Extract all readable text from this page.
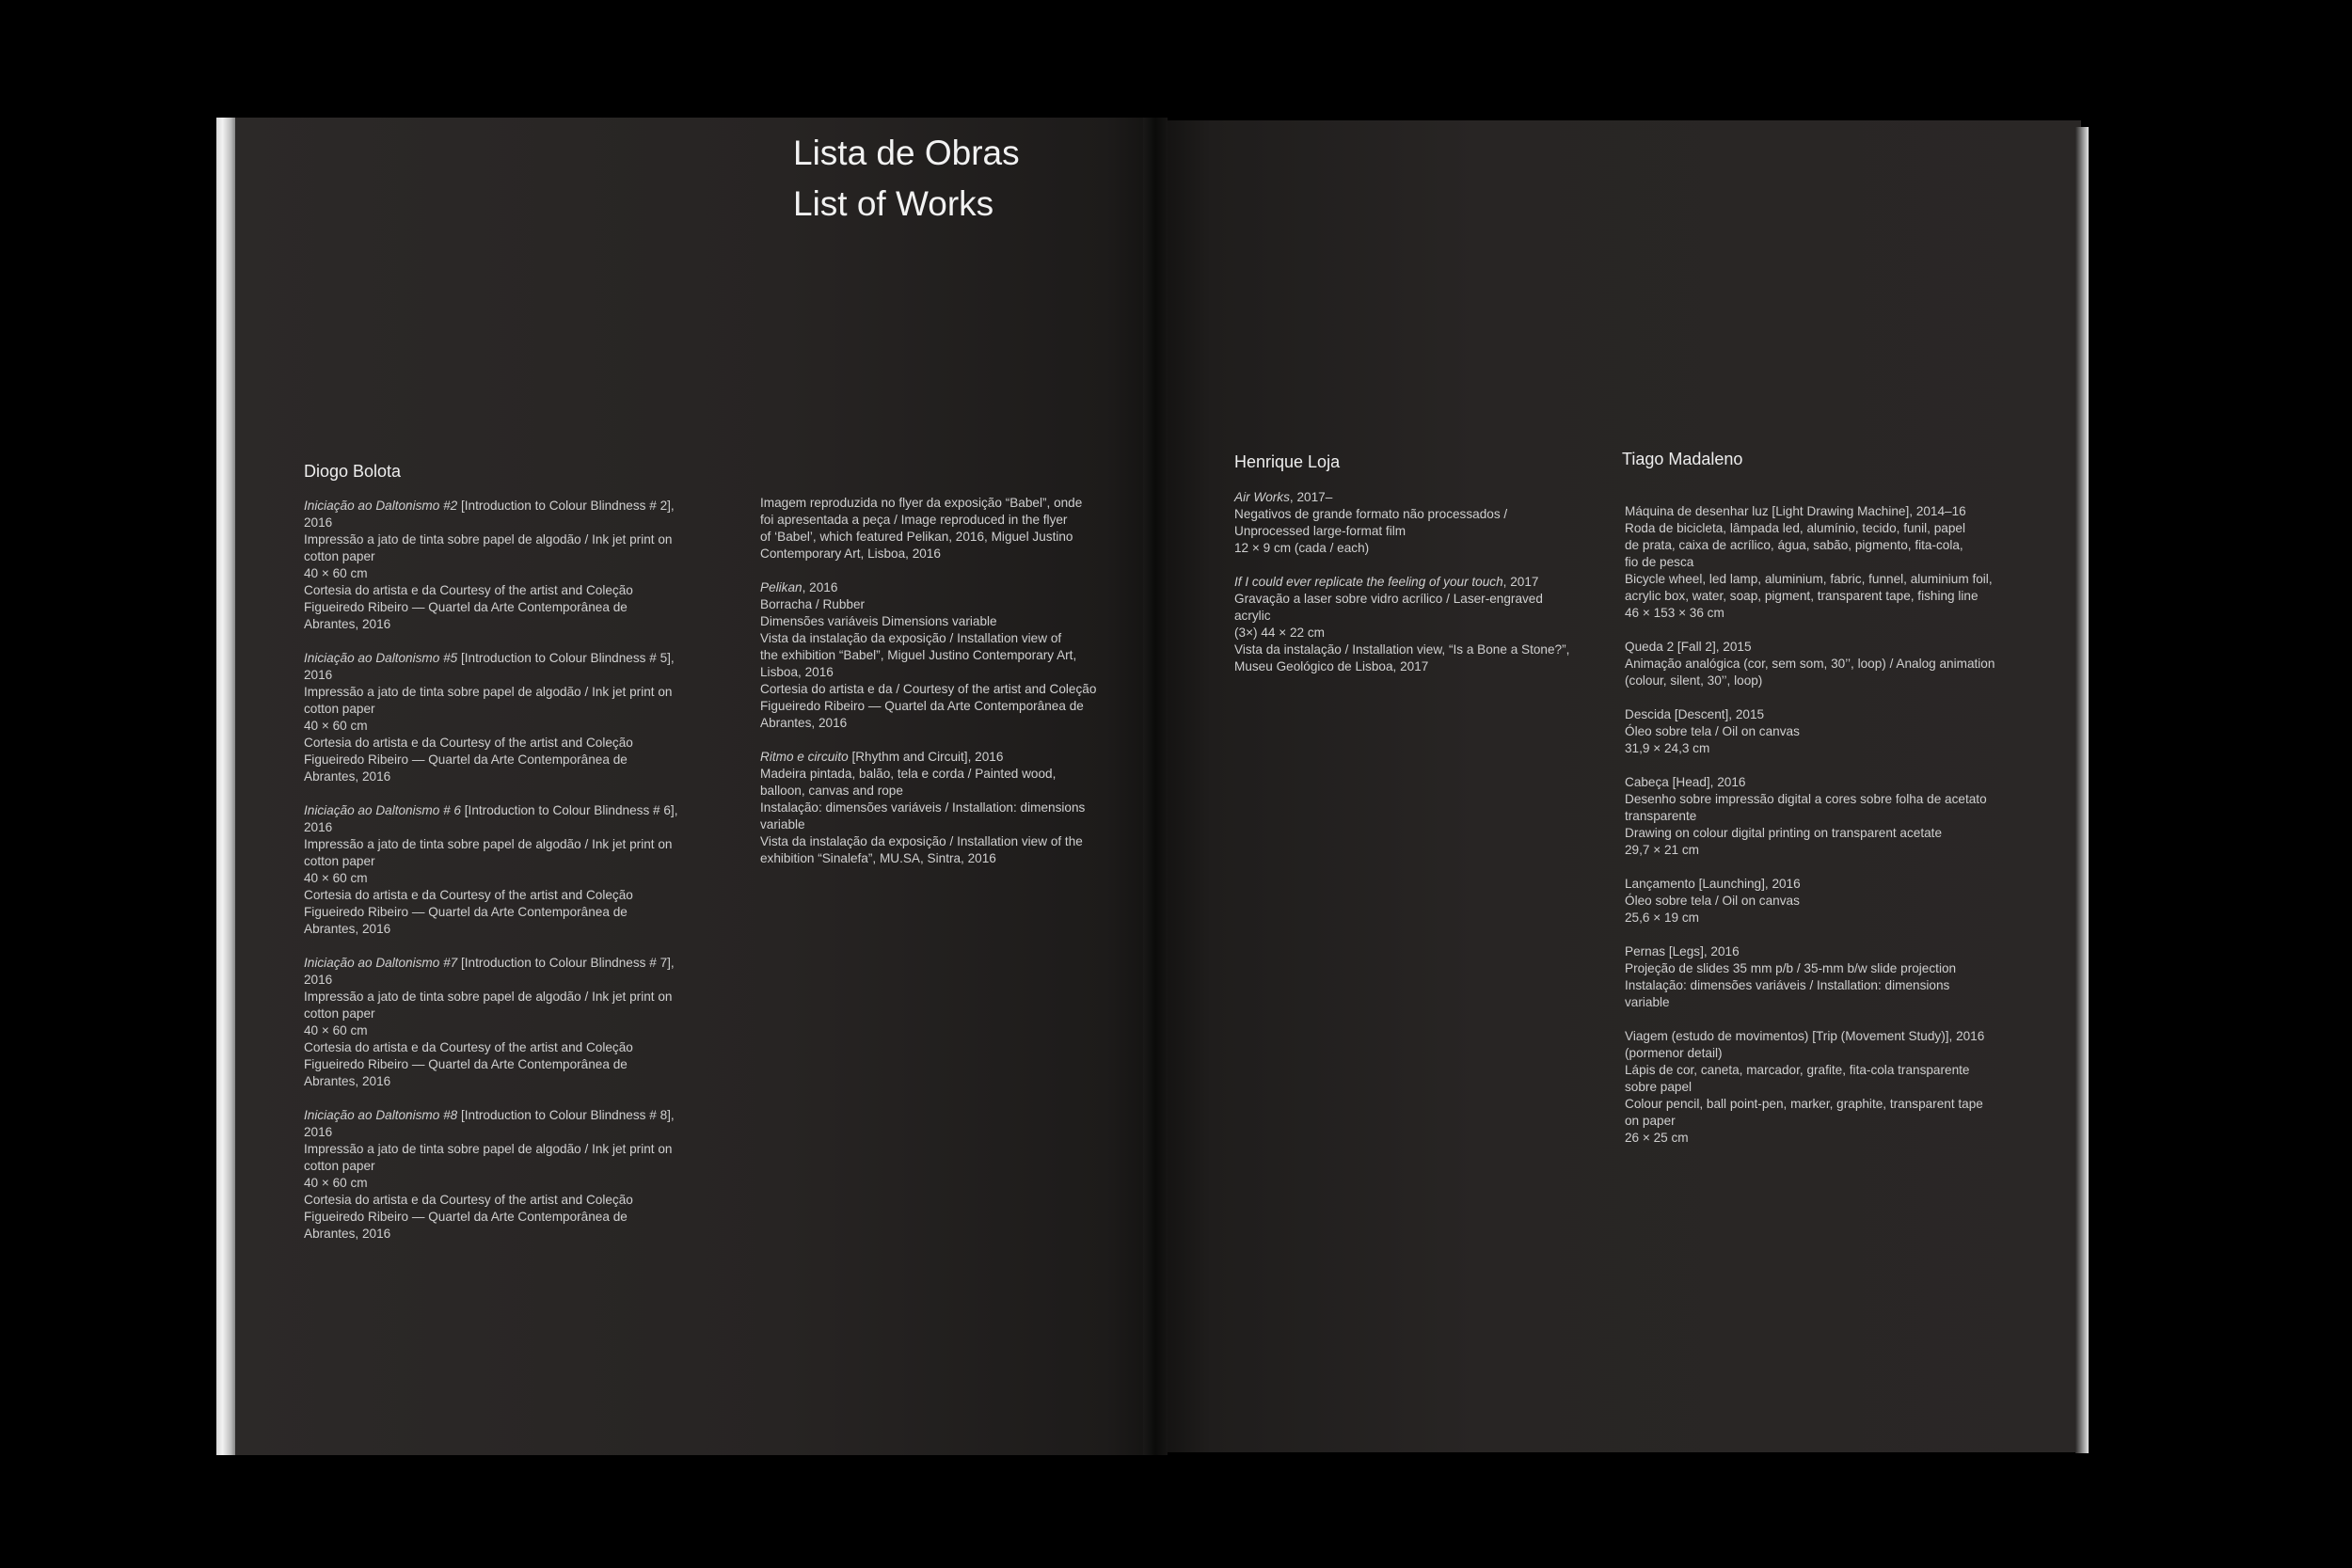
Lista de Obras
List of Works
Diogo Bolota
Iniciação ao Daltonismo #2 [Introduction to Colour Blindness # 2],
2016
Impressão a jato de tinta sobre papel de algodão / Ink jet print on
cotton paper
40 × 60 cm
Cortesia do artista e da Courtesy of the artist and Coleção
Figueiredo Ribeiro — Quartel da Arte Contemporânea de
Abrantes, 2016
Iniciação ao Daltonismo #5 [Introduction to Colour Blindness # 5],
2016
Impressão a jato de tinta sobre papel de algodão / Ink jet print on
cotton paper
40 × 60 cm
Cortesia do artista e da Courtesy of the artist and Coleção
Figueiredo Ribeiro — Quartel da Arte Contemporânea de
Abrantes, 2016
Iniciação ao Daltonismo # 6 [Introduction to Colour Blindness # 6],
2016
Impressão a jato de tinta sobre papel de algodão / Ink jet print on
cotton paper
40 × 60 cm
Cortesia do artista e da Courtesy of the artist and Coleção
Figueiredo Ribeiro — Quartel da Arte Contemporânea de
Abrantes, 2016
Iniciação ao Daltonismo #7 [Introduction to Colour Blindness # 7],
2016
Impressão a jato de tinta sobre papel de algodão / Ink jet print on
cotton paper
40 × 60 cm
Cortesia do artista e da Courtesy of the artist and Coleção
Figueiredo Ribeiro — Quartel da Arte Contemporânea de
Abrantes, 2016
Iniciação ao Daltonismo #8 [Introduction to Colour Blindness # 8],
2016
Impressão a jato de tinta sobre papel de algodão / Ink jet print on
cotton paper
40 × 60 cm
Cortesia do artista e da Courtesy of the artist and Coleção
Figueiredo Ribeiro — Quartel da Arte Contemporânea de
Abrantes, 2016
Imagem reproduzida no flyer da exposição “Babel”, onde
foi apresentada a peça / Image reproduced in the flyer
of ‘Babel’, which featured Pelikan, 2016, Miguel Justino
Contemporary Art, Lisboa, 2016
Pelikan, 2016
Borracha / Rubber
Dimensões variáveis Dimensions variable
Vista da instalação da exposição / Installation view of
the exhibition “Babel”, Miguel Justino Contemporary Art,
Lisboa, 2016
Cortesia do artista e da / Courtesy of the artist and Coleção
Figueiredo Ribeiro — Quartel da Arte Contemporânea de
Abrantes, 2016
Ritmo e circuito [Rhythm and Circuit], 2016
Madeira pintada, balão, tela e corda / Painted wood,
balloon, canvas and rope
Instalação: dimensões variáveis / Installation: dimensions
variable
Vista da instalação da exposição / Installation view of the
exhibition “Sinalefa”, MU.SA, Sintra, 2016
Henrique Loja
Air Works, 2017–
Negativos de grande formato não processados /
Unprocessed large-format film
12 × 9 cm (cada / each)
If I could ever replicate the feeling of your touch, 2017
Gravação a laser sobre vidro acrílico / Laser-engraved
acrylic
(3×) 44 × 22 cm
Vista da instalação / Installation view, “Is a Bone a Stone?”,
Museu Geológico de Lisboa, 2017
Tiago Madaleno
Máquina de desenhar luz [Light Drawing Machine], 2014–16
Roda de bicicleta, lâmpada led, alumínio, tecido, funil, papel
de prata, caixa de acrílico, água, sabão, pigmento, fita-cola,
fio de pesca
Bicycle wheel, led lamp, aluminium, fabric, funnel, aluminium foil,
acrylic box, water, soap, pigment, transparent tape, fishing line
46 × 153 × 36 cm
Queda 2 [Fall 2], 2015
Animação analógica (cor, sem som, 30’’, loop) / Analog animation
(colour, silent, 30’’, loop)
Descida [Descent], 2015
Óleo sobre tela / Oil on canvas
31,9 × 24,3 cm
Cabeça [Head], 2016
Desenho sobre impressão digital a cores sobre folha de acetato
transparente
Drawing on colour digital printing on transparent acetate
29,7 × 21 cm
Lançamento [Launching], 2016
Óleo sobre tela / Oil on canvas
25,6 × 19 cm
Pernas [Legs], 2016
Projeção de slides 35 mm p/b / 35-mm b/w slide projection
Instalação: dimensões variáveis / Installation: dimensions
variable
Viagem (estudo de movimentos) [Trip (Movement Study)], 2016
(pormenor detail)
Lápis de cor, caneta, marcador, grafite, fita-cola transparente
sobre papel
Colour pencil, ball point-pen, marker, graphite, transparent tape
on paper
26 × 25 cm
